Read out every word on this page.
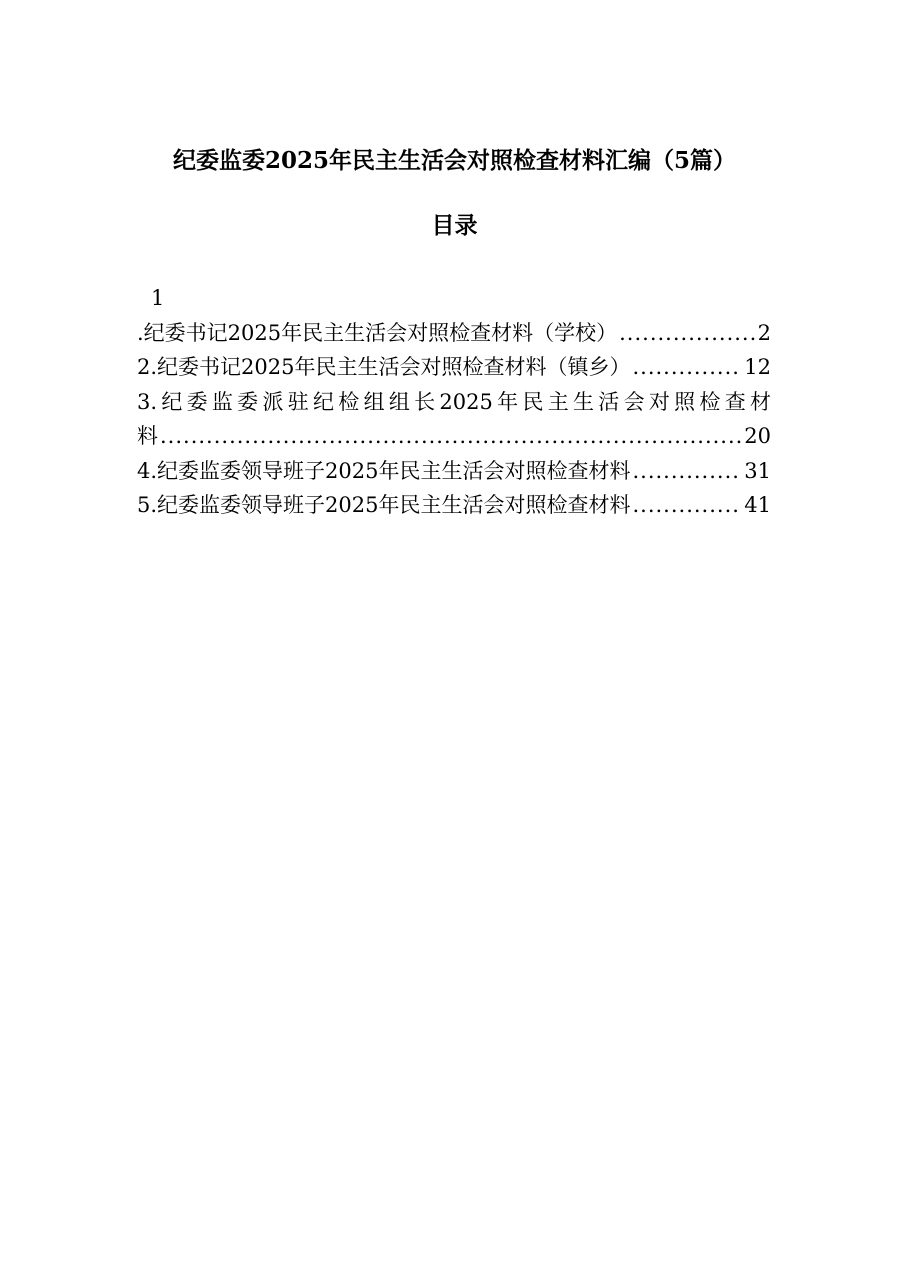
纪委监委2025年民主生活会对照检查材料汇编（5篇）
目录
1
.纪委书记2025年民主生活会对照检查材料（学校） .....	2
2.纪委书记2025年民主生活会对照检查材料（镇乡） .....	12
3.纪委监委派驻纪检组组长2025年民主生活会对照检查材
料 .....	20
4.纪委监委领导班子2025年民主生活会对照检查材料 .....	31
5.纪委监委领导班子2025年民主生活会对照检查材料 .....	41
